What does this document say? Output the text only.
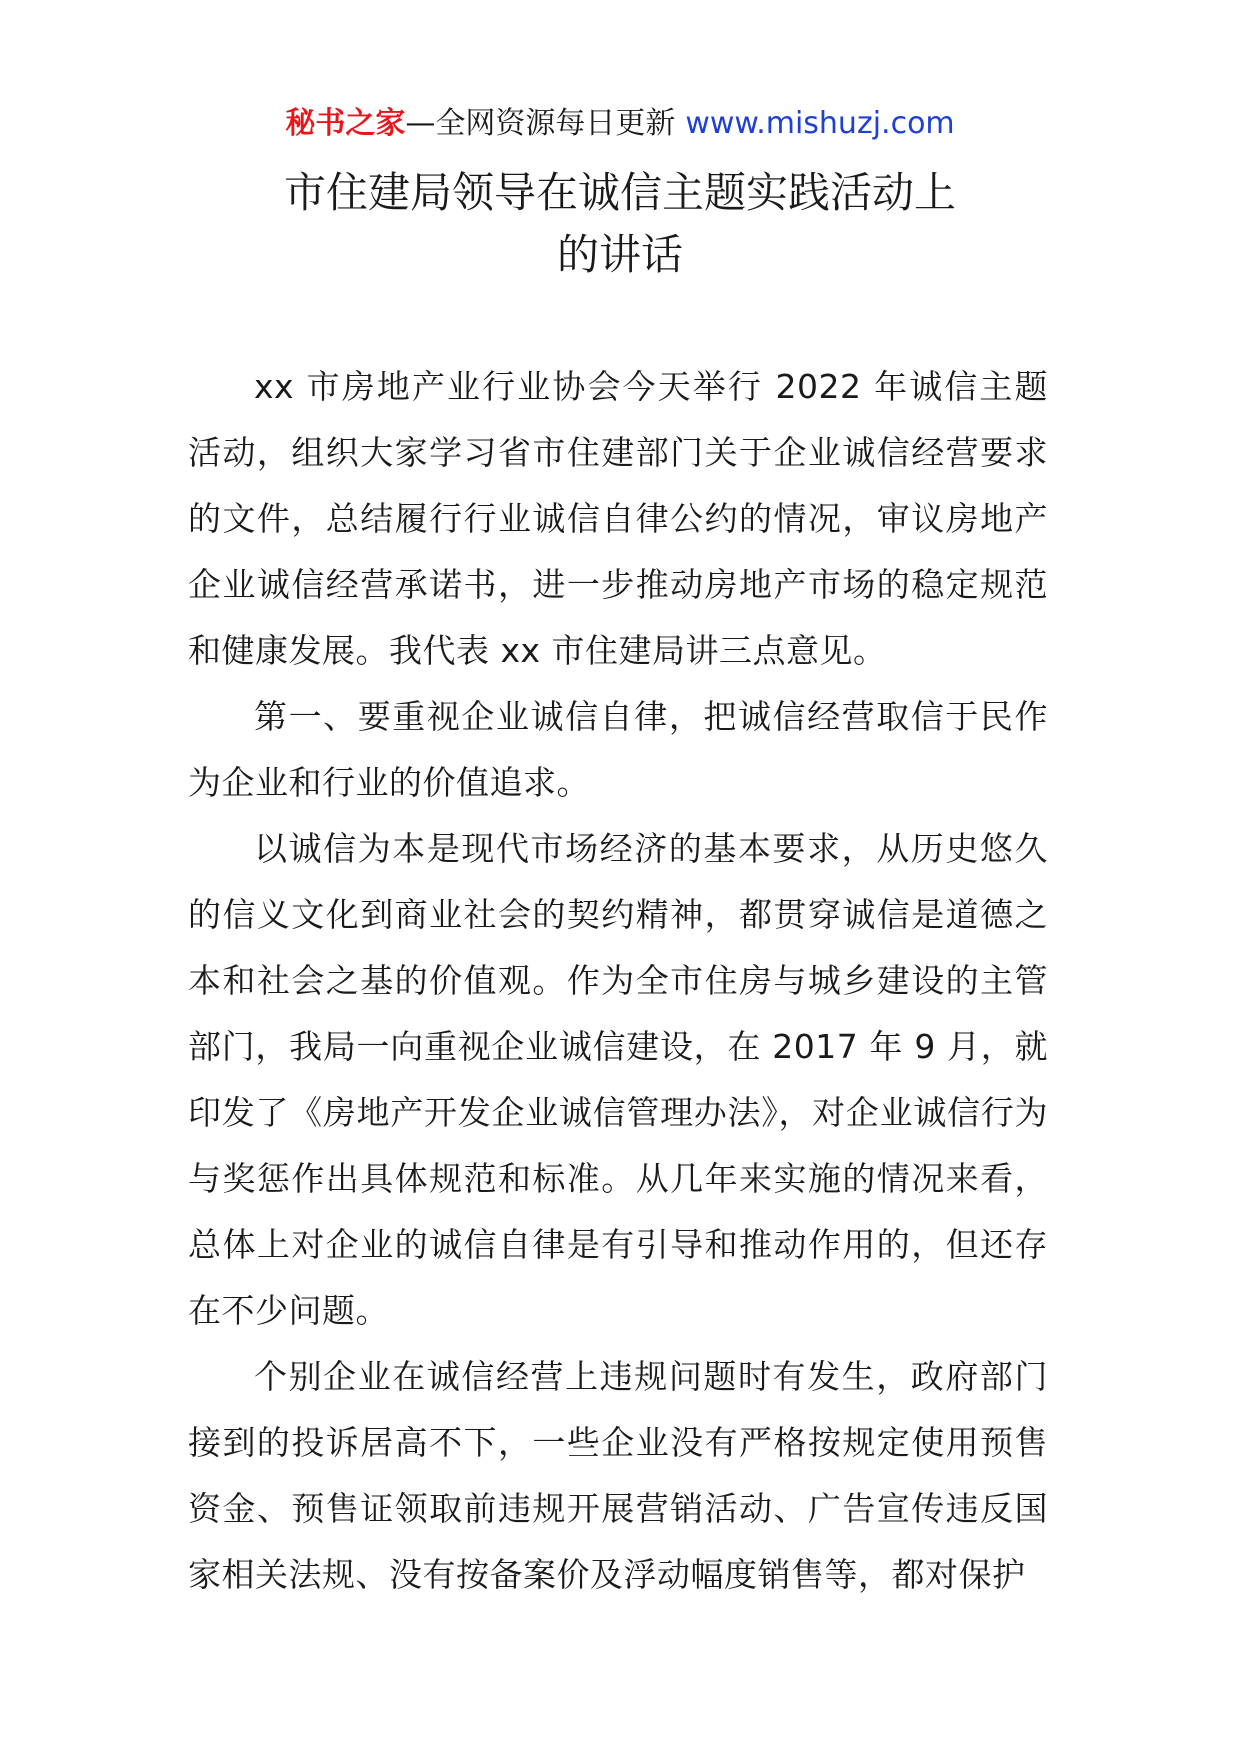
秘书之家—全网资源每日更新 www.mishuzj.com
市住建局领导在诚信主题实践活动上
的讲话

xx 市房地产业行业协会今天举行 2022 年诚信主题活动，组织大家学习省市住建部门关于企业诚信经营要求的文件，总结履行行业诚信自律公约的情况，审议房地产企业诚信经营承诺书，进一步推动房地产市场的稳定规范和健康发展。我代表 xx 市住建局讲三点意见。

第一、要重视企业诚信自律，把诚信经营取信于民作为企业和行业的价值追求。

以诚信为本是现代市场经济的基本要求，从历史悠久的信义文化到商业社会的契约精神，都贯穿诚信是道德之本和社会之基的价值观。作为全市住房与城乡建设的主管部门，我局一向重视企业诚信建设，在 2017 年 9 月，就印发了《房地产开发企业诚信管理办法》，对企业诚信行为与奖惩作出具体规范和标准。从几年来实施的情况来看，总体上对企业的诚信自律是有引导和推动作用的，但还存在不少问题。

个别企业在诚信经营上违规问题时有发生，政府部门接到的投诉居高不下，一些企业没有严格按规定使用预售资金、预售证领取前违规开展营销活动、广告宣传违反国家相关法规、没有按备案价及浮动幅度销售等，都对保护
